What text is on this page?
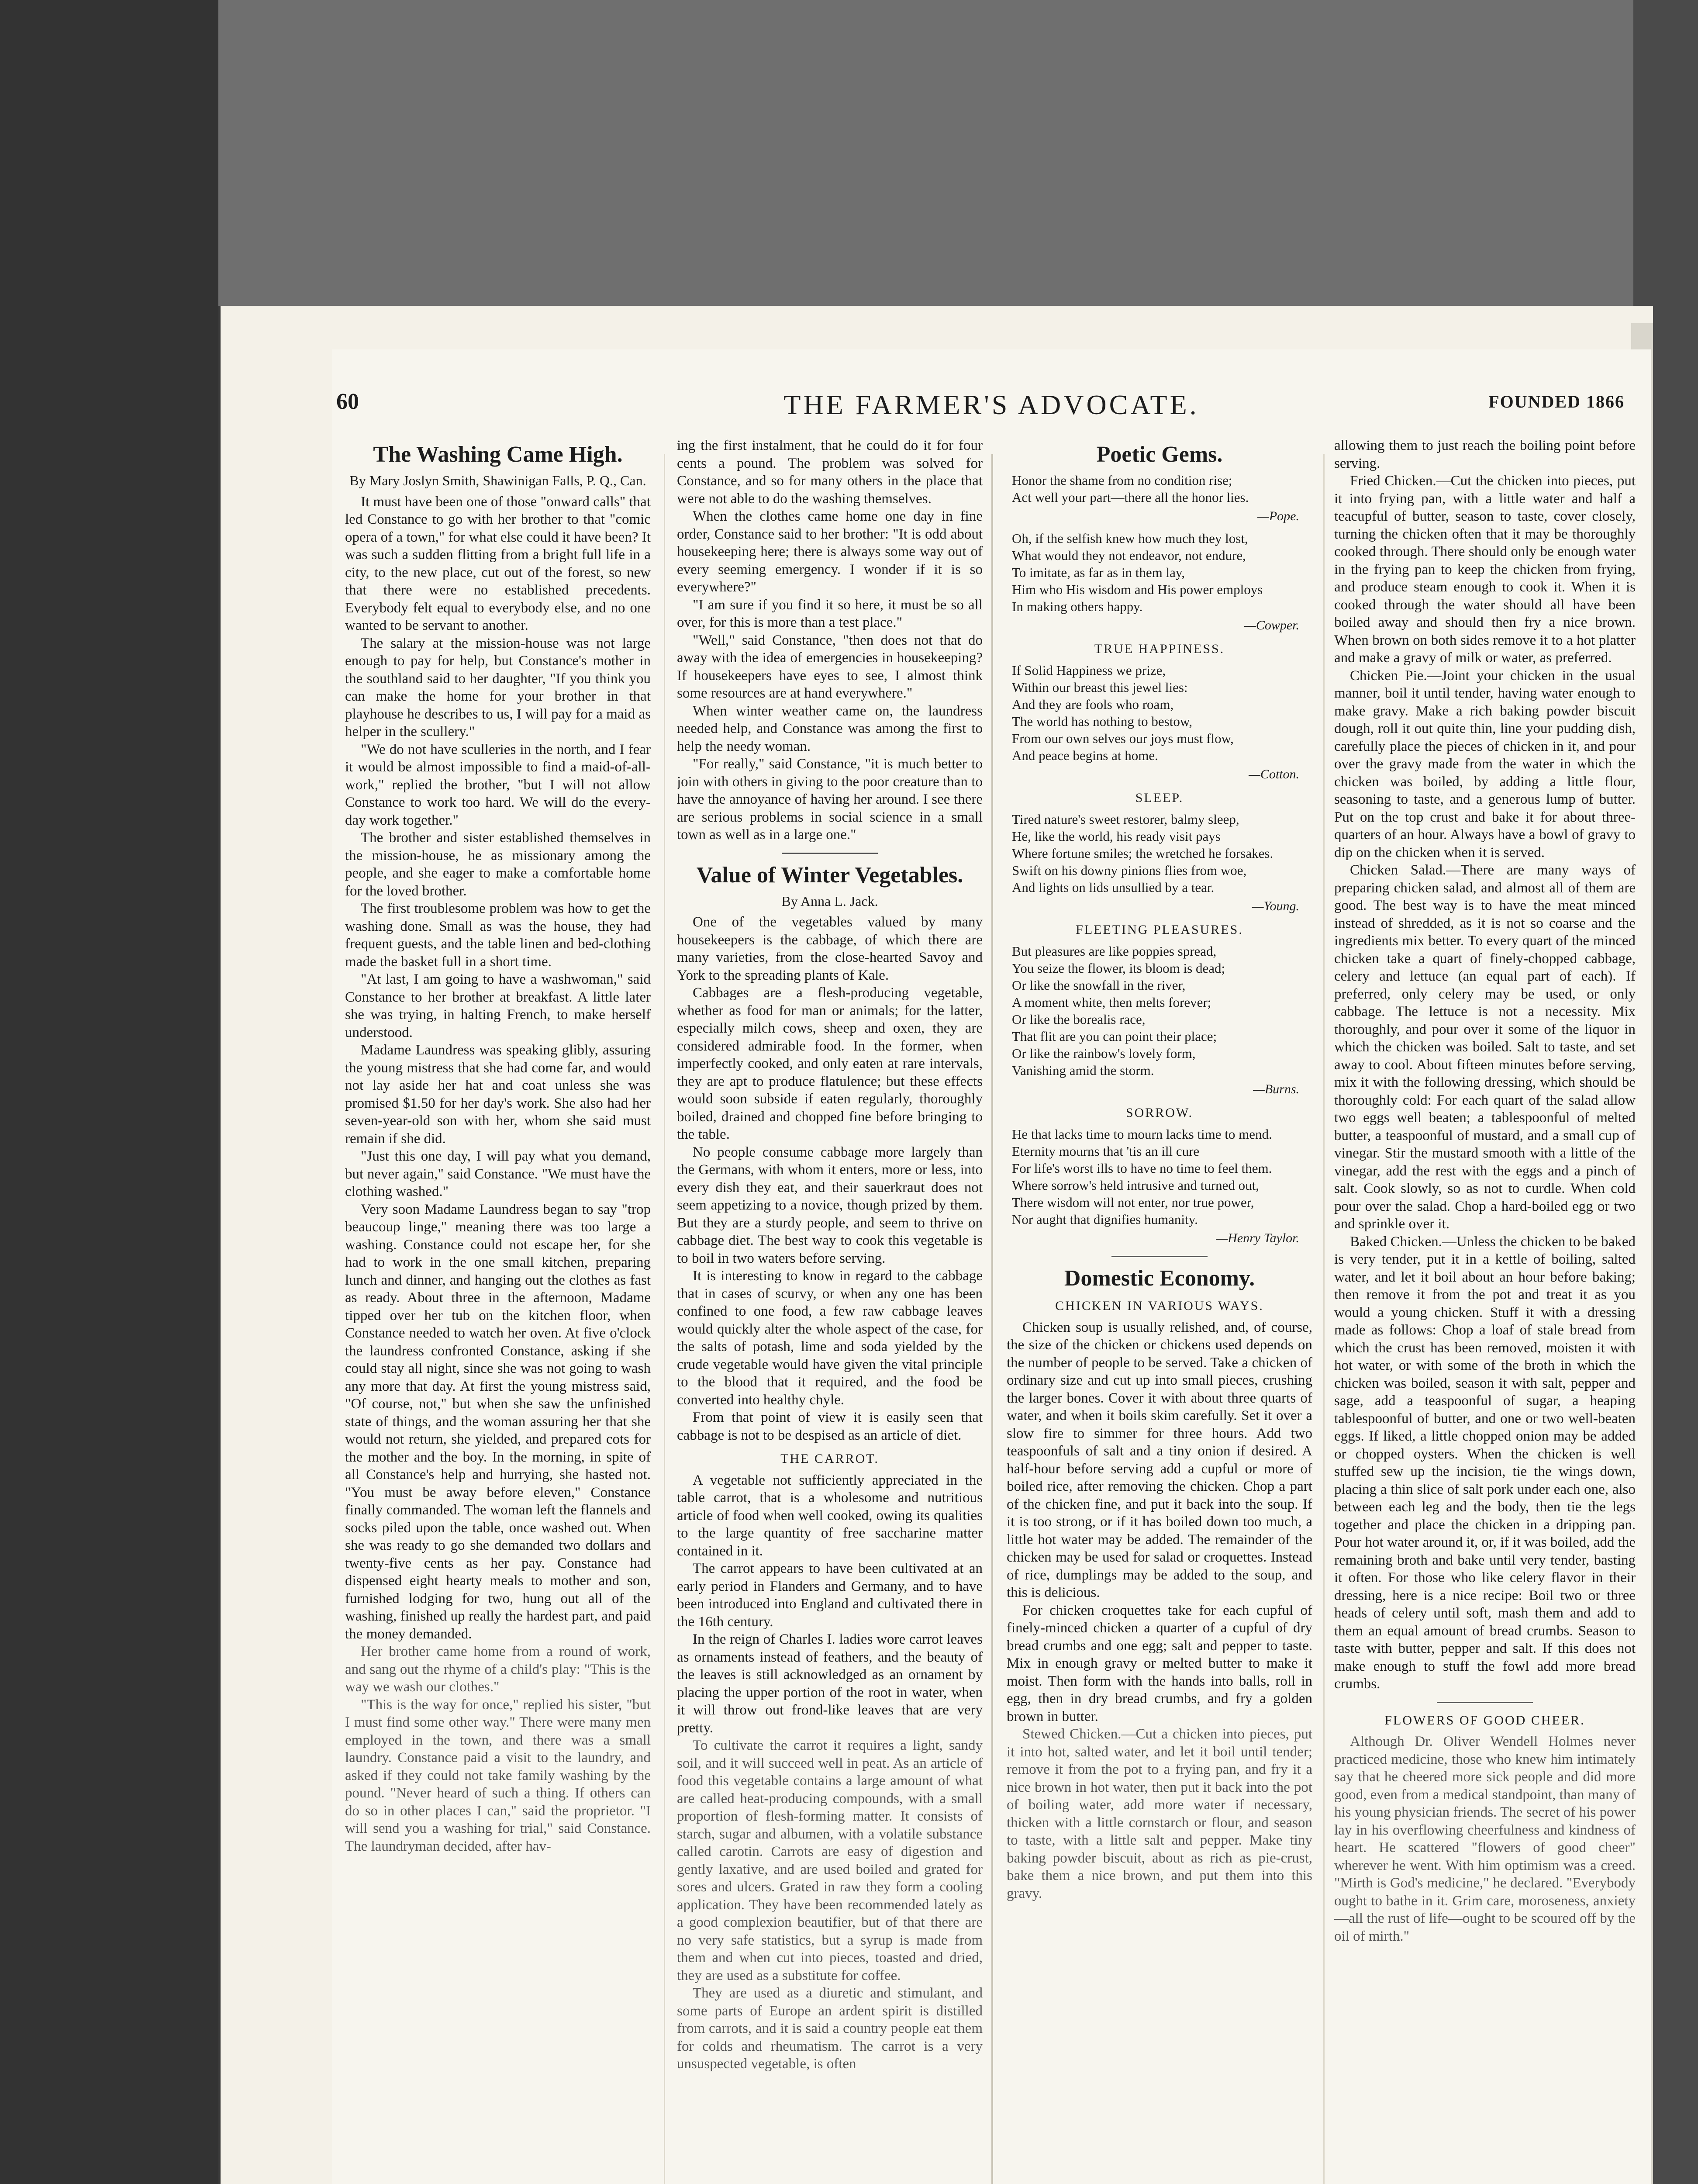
THE FARMER'S ADVOCATE.
60	FOUNDED 1866
The Washing Came High.
By Mary Joslyn Smith, Shawinigan Falls, P. Q., Can.

It must have been one of those "onward calls" that led Constance to go with her brother to that "comic opera of a town," for what else could it have been? It was such a sudden flitting from a bright full life in a city, to the new place, cut out of the forest, so new that there were no established precedents. Everybody felt equal to everybody else, and no one wanted to be servant to another.

The salary at the mission-house was not large enough to pay for help, but Constance's mother in the southland said to her daughter, "If you think you can make the home for your brother in that playhouse he describes to us, I will pay for a maid as helper in the scullery."

"We do not have sculleries in the north, and I fear it would be almost impossible to find a maid-of-all-work," replied the brother, "but I will not allow Constance to work too hard. We will do the every-day work together."

The brother and sister established themselves in the mission-house, he as missionary among the people, and she eager to make a comfortable home for the loved brother.

The first troublesome problem was how to get the washing done. Small as was the house, they had frequent guests, and the table linen and bed-clothing made the basket full in a short time.

"At last, I am going to have a washwoman," said Constance to her brother at breakfast. A little later she was trying, in halting French, to make herself understood.

Madame Laundress was speaking glibly, assuring the young mistress that she had come far, and would not lay aside her hat and coat unless she was promised $1.50 for her day's work. She also had her seven-year-old son with her, whom she said must remain if she did.

"Just this one day, I will pay what you demand, but never again," said Constance. "We must have the clothing washed."

Very soon Madame Laundress began to say "trop beaucoup linge," meaning there was too large a washing. Constance could not escape her, for she had to work in the one small kitchen, preparing lunch and dinner, and hanging out the clothes as fast as ready. About three in the afternoon, Madame tipped over her tub on the kitchen floor, when Constance needed to watch her oven. At five o'clock the laundress confronted Constance, asking if she could stay all night, since she was not going to wash any more that day. At first the young mistress said, "Of course, not," but when she saw the unfinished state of things, and the woman assuring her that she would not return, she yielded, and prepared cots for the mother and the boy. In the morning, in spite of all Constance's help and hurrying, she hasted not. "You must be away before eleven," Constance finally commanded. The woman left the flannels and socks piled upon the table, once washed out. When she was ready to go she demanded two dollars and twenty-five cents as her pay. Constance had dispensed eight hearty meals to mother and son, furnished lodging for two, hung out all of the washing, finished up really the hardest part, and paid the money demanded.

Her brother came home from a round of work, and sang out the rhyme of a child's play: "This is the way we wash our clothes."

"This is the way for once," replied his sister, "but I must find some other way." There were many men employed in the town, and there was a small laundry. Constance paid a visit to the laundry, and asked if they could not take family washing by the pound. "Never heard of such a thing. If others can do so in other places I can," said the proprietor. "I will send you a washing for trial," said Constance. The laundryman decided, after hav-

ing the first instalment, that he could do it for four cents a pound. The problem was solved for Constance, and so for many others in the place that were not able to do the washing themselves.

When the clothes came home one day in fine order, Constance said to her brother: "It is odd about housekeeping here; there is always some way out of every seeming emergency. I wonder if it is so everywhere?"

"I am sure if you find it so here, it must be so all over, for this is more than a test place."

"Well," said Constance, "then does not that do away with the idea of emergencies in housekeeping? If housekeepers have eyes to see, I almost think some resources are at hand everywhere."

When winter weather came on, the laundress needed help, and Constance was among the first to help the needy woman.

"For really," said Constance, "it is much better to join with others in giving to the poor creature than to have the annoyance of having her around. I see there are serious problems in social science in a small town as well as in a large one."

Value of Winter Vegetables.
By Anna L. Jack.

One of the vegetables valued by many housekeepers is the cabbage, of which there are many varieties, from the close-hearted Savoy and York to the spreading plants of Kale.

Cabbages are a flesh-producing vegetable, whether as food for man or animals; for the latter, especially milch cows, sheep and oxen, they are considered admirable food. In the former, when imperfectly cooked, and only eaten at rare intervals, they are apt to produce flatulence; but these effects would soon subside if eaten regularly, thoroughly boiled, drained and chopped fine before bringing to the table.

No people consume cabbage more largely than the Germans, with whom it enters, more or less, into every dish they eat, and their sauerkraut does not seem appetizing to a novice, though prized by them. But they are a sturdy people, and seem to thrive on cabbage diet. The best way to cook this vegetable is to boil in two waters before serving.

It is interesting to know in regard to the cabbage that in cases of scurvy, or when any one has been confined to one food, a few raw cabbage leaves would quickly alter the whole aspect of the case, for the salts of potash, lime and soda yielded by the crude vegetable would have given the vital principle to the blood that it required, and the food be converted into healthy chyle.

From that point of view it is easily seen that cabbage is not to be despised as an article of diet.

THE CARROT.

A vegetable not sufficiently appreciated in the table carrot, that is a wholesome and nutritious article of food when well cooked, owing its qualities to the large quantity of free saccharine matter contained in it.

The carrot appears to have been cultivated at an early period in Flanders and Germany, and to have been introduced into England and cultivated there in the 16th century.

In the reign of Charles I. ladies wore carrot leaves as ornaments instead of feathers, and the beauty of the leaves is still acknowledged as an ornament by placing the upper portion of the root in water, when it will throw out frond-like leaves that are very pretty.

To cultivate the carrot it requires a light, sandy soil, and it will succeed well in peat. As an article of food this vegetable contains a large amount of what are called heat-producing compounds, with a small proportion of flesh-forming matter. It consists of starch, sugar and albumen, with a volatile substance called carotin. Carrots are easy of digestion and gently laxative, and are used boiled and grated for sores and ulcers. Grated in raw they form a cooling application. They have been recommended lately as a good complexion beautifier, but of that there are no very safe statistics, but a syrup is made from them and when cut into pieces, toasted and dried, they are used as a substitute for coffee.

They are used as a diuretic and stimulant, and some parts of Europe an ardent spirit is distilled from carrots, and it is said a country people eat them for colds and rheumatism. The carrot is a very unsuspected vegetable, is often

Poetic Gems.

Honor the shame from no condition rise;
Act well your part—there all the honor lies.

—Pope.

Oh, if the selfish knew how much they lost,
What would they not endeavor, not endure,
To imitate, as far as in them lay,
Him who His wisdom and His power employs
In making others happy.

—Cowper.
TRUE HAPPINESS.

If Solid Happiness we prize,
Within our breast this jewel lies:
And they are fools who roam,
The world has nothing to bestow,
From our own selves our joys must flow,
And peace begins at home.

—Cotton.
SLEEP.

Tired nature's sweet restorer, balmy sleep,
He, like the world, his ready visit pays
Where fortune smiles; the wretched he forsakes.
Swift on his downy pinions flies from woe,
And lights on lids unsullied by a tear.

—Young.
FLEETING PLEASURES.

But pleasures are like poppies spread,
You seize the flower, its bloom is dead;
Or like the snowfall in the river,
A moment white, then melts forever;
Or like the borealis race,
That flit are you can point their place;
Or like the rainbow's lovely form,
Vanishing amid the storm.

—Burns.
SORROW.

He that lacks time to mourn lacks time to mend.
Eternity mourns that 'tis an ill cure
For life's worst ills to have no time to feel them.
Where sorrow's held intrusive and turned out,
There wisdom will not enter, nor true power,
Nor aught that dignifies humanity.

—Henry Taylor.
Domestic Economy.
CHICKEN IN VARIOUS WAYS.

Chicken soup is usually relished, and, of course, the size of the chicken or chickens used depends on the number of people to be served. Take a chicken of ordinary size and cut up into small pieces, crushing the larger bones. Cover it with about three quarts of water, and when it boils skim carefully. Set it over a slow fire to simmer for three hours. Add two teaspoonfuls of salt and a tiny onion if desired. A half-hour before serving add a cupful or more of boiled rice, after removing the chicken. Chop a part of the chicken fine, and put it back into the soup. If it is too strong, or if it has boiled down too much, a little hot water may be added. The remainder of the chicken may be used for salad or croquettes. Instead of rice, dumplings may be added to the soup, and this is delicious.

For chicken croquettes take for each cupful of finely-minced chicken a quarter of a cupful of dry bread crumbs and one egg; salt and pepper to taste. Mix in enough gravy or melted butter to make it moist. Then form with the hands into balls, roll in egg, then in dry bread crumbs, and fry a golden brown in butter.

Stewed Chicken.—Cut a chicken into pieces, put it into hot, salted water, and let it boil until tender; remove it from the pot to a frying pan, and fry it a nice brown in hot water, then put it back into the pot of boiling water, add more water if necessary, thicken with a little cornstarch or flour, and season to taste, with a little salt and pepper. Make tiny baking powder biscuit, about as rich as pie-crust, bake them a nice brown, and put them into this gravy.

allowing them to just reach the boiling point before serving.

Fried Chicken.—Cut the chicken into pieces, put it into frying pan, with a little water and half a teacupful of butter, season to taste, cover closely, turning the chicken often that it may be thoroughly cooked through. There should only be enough water in the frying pan to keep the chicken from frying, and produce steam enough to cook it. When it is cooked through the water should all have been boiled away and should then fry a nice brown. When brown on both sides remove it to a hot platter and make a gravy of milk or water, as preferred.

Chicken Pie.—Joint your chicken in the usual manner, boil it until tender, having water enough to make gravy. Make a rich baking powder biscuit dough, roll it out quite thin, line your pudding dish, carefully place the pieces of chicken in it, and pour over the gravy made from the water in which the chicken was boiled, by adding a little flour, seasoning to taste, and a generous lump of butter. Put on the top crust and bake it for about three-quarters of an hour. Always have a bowl of gravy to dip on the chicken when it is served.

Chicken Salad.—There are many ways of preparing chicken salad, and almost all of them are good. The best way is to have the meat minced instead of shredded, as it is not so coarse and the ingredients mix better. To every quart of the minced chicken take a quart of finely-chopped cabbage, celery and lettuce (an equal part of each). If preferred, only celery may be used, or only cabbage. The lettuce is not a necessity. Mix thoroughly, and pour over it some of the liquor in which the chicken was boiled. Salt to taste, and set away to cool. About fifteen minutes before serving, mix it with the following dressing, which should be thoroughly cold: For each quart of the salad allow two eggs well beaten; a tablespoonful of melted butter, a teaspoonful of mustard, and a small cup of vinegar. Stir the mustard smooth with a little of the vinegar, add the rest with the eggs and a pinch of salt. Cook slowly, so as not to curdle. When cold pour over the salad. Chop a hard-boiled egg or two and sprinkle over it.

Baked Chicken.—Unless the chicken to be baked is very tender, put it in a kettle of boiling, salted water, and let it boil about an hour before baking; then remove it from the pot and treat it as you would a young chicken. Stuff it with a dressing made as follows: Chop a loaf of stale bread from which the crust has been removed, moisten it with hot water, or with some of the broth in which the chicken was boiled, season it with salt, pepper and sage, add a teaspoonful of sugar, a heaping tablespoonful of butter, and one or two well-beaten eggs. If liked, a little chopped onion may be added or chopped oysters. When the chicken is well stuffed sew up the incision, tie the wings down, placing a thin slice of salt pork under each one, also between each leg and the body, then tie the legs together and place the chicken in a dripping pan. Pour hot water around it, or, if it was boiled, add the remaining broth and bake until very tender, basting it often. For those who like celery flavor in their dressing, here is a nice recipe: Boil two or three heads of celery until soft, mash them and add to them an equal amount of bread crumbs. Season to taste with butter, pepper and salt. If this does not make enough to stuff the fowl add more bread crumbs.

FLOWERS OF GOOD CHEER.

Although Dr. Oliver Wendell Holmes never practiced medicine, those who knew him intimately say that he cheered more sick people and did more good, even from a medical standpoint, than many of his young physician friends. The secret of his power lay in his overflowing cheerfulness and kindness of heart. He scattered "flowers of good cheer" wherever he went. With him optimism was a creed. "Mirth is God's medicine," he declared. "Everybody ought to bathe in it. Grim care, moroseness, anxiety—all the rust of life—ought to be scoured off by the oil of mirth."
